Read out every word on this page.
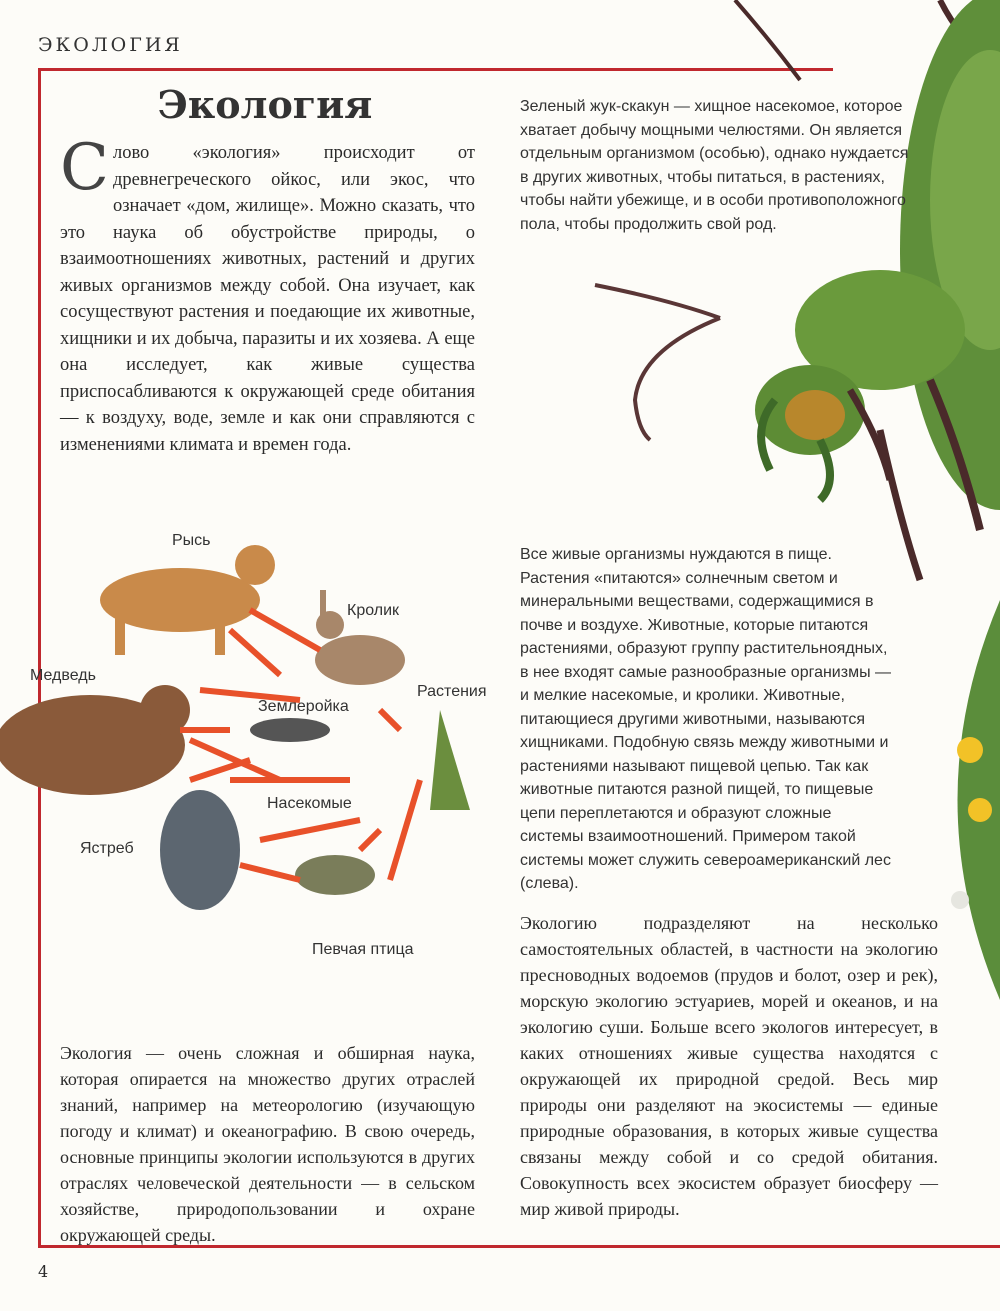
ЭКОЛОГИЯ
Экология
Слово «экология» происходит от древнегреческого ойкос, или экос, что означает «дом, жилище». Можно сказать, что это наука об обустройстве природы, о взаимоотношениях животных, растений и других живых организмов между собой. Она изучает, как сосуществуют растения и поедающие их животные, хищники и их добыча, паразиты и их хозяева. А еще она исследует, как живые существа приспосабливаются к окружающей среде обитания — к воздуху, воде, земле и как они справляются с изменениями климата и времен года.
Зеленый жук-скакун — хищное насекомое, которое хватает добычу мощными челюстями. Он является отдельным организмом (особью), однако нуждается в других животных, чтобы питаться, в растениях, чтобы найти убежище, и в особи противоположного пола, чтобы продолжить свой род.
Все живые организмы нуждаются в пище. Растения «питаются» солнечным светом и минеральными веществами, содержащимися в почве и воздухе. Животные, которые питаются растениями, образуют группу растительноядных, в нее входят самые разнообразные организмы — и мелкие насекомые, и кролики. Животные, питающиеся другими животными, называются хищниками. Подобную связь между животными и растениями называют пищевой цепью. Так как животные питаются разной пищей, то пищевые цепи переплетаются и образуют сложные системы взаимоотношений. Примером такой системы может служить североамериканский лес (слева).
Экологию подразделяют на несколько самостоятельных областей, в частности на экологию пресноводных водоемов (прудов и болот, озер и рек), морскую экологию эстуариев, морей и океанов, и на экологию суши. Больше всего экологов интересует, в каких отношениях живые существа находятся с окружающей их природной средой. Весь мир природы они разделяют на экосистемы — единые природные образования, в которых живые существа связаны между собой и со средой обитания. Совокупность всех экосистем образует биосферу — мир живой природы.
Рысь
Кролик
Медведь
Землеройка
Растения
Насекомые
Ястреб
Певчая птица
Экология — очень сложная и обширная наука, которая опирается на множество других отраслей знаний, например на метеорологию (изучающую погоду и климат) и океанографию. В свою очередь, основные принципы экологии используются в других отраслях человеческой деятельности — в сельском хозяйстве, природопользовании и охране окружающей среды.
4
